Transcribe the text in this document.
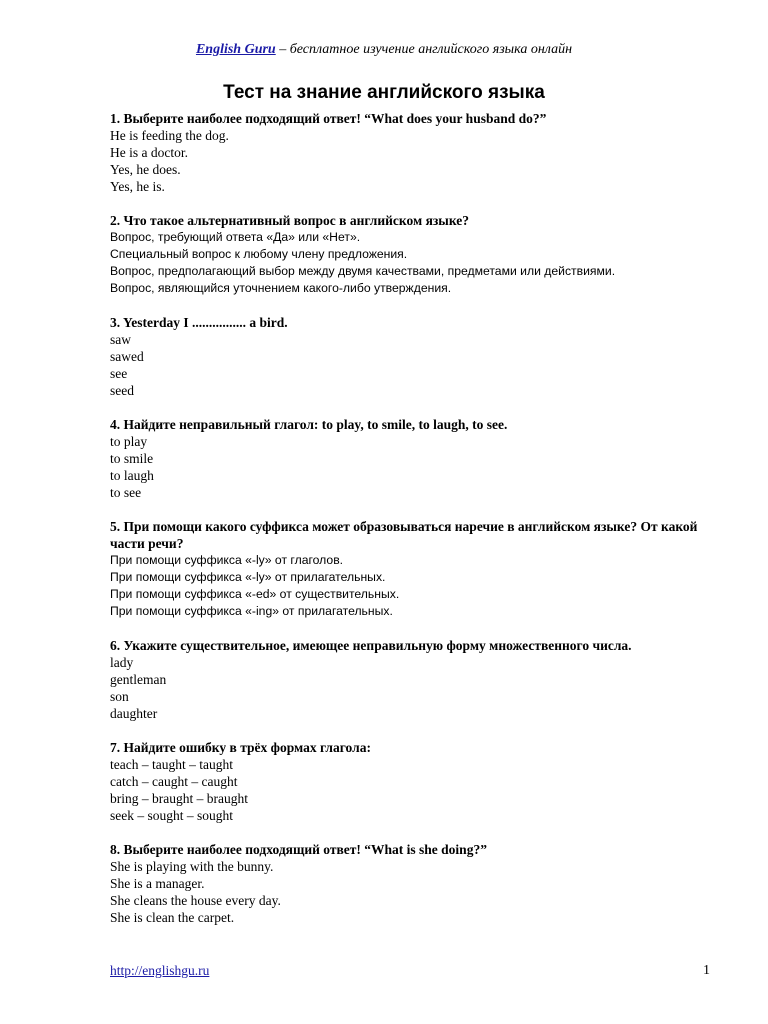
English Guru – бесплатное изучение английского языка онлайн
Тест на знание английского языка
1. Выберите наиболее подходящий ответ! “What does your husband do?”
He is feeding the dog.
He is a doctor.
Yes, he does.
Yes, he is.
2. Что такое альтернативный вопрос в английском языке?
Вопрос, требующий ответа «Да» или «Нет».
Специальный вопрос к любому члену предложения.
Вопрос, предполагающий выбор между двумя качествами, предметами или действиями.
Вопрос, являющийся уточнением какого-либо утверждения.
3. Yesterday I ................ a bird.
saw
sawed
see
seed
4. Найдите неправильный глагол: to play, to smile, to laugh, to see.
to play
to smile
to laugh
to see
5. При помощи какого суффикса может образовываться наречие в английском языке? От какой части речи?
При помощи суффикса «-ly» от глаголов.
При помощи суффикса «-ly» от прилагательных.
При помощи суффикса «-ed» от существительных.
При помощи суффикса «-ing» от прилагательных.
6. Укажите существительное, имеющее неправильную форму множественного числа.
lady
gentleman
son
daughter
7. Найдите ошибку в трёх формах глагола:
teach – taught – taught
catch – caught – caught
bring – braught – braught
seek – sought – sought
8. Выберите наиболее подходящий ответ! “What is she doing?”
She is playing with the bunny.
She is a manager.
She cleans the house every day.
She is clean the carpet.
http://englishgu.ru	1
